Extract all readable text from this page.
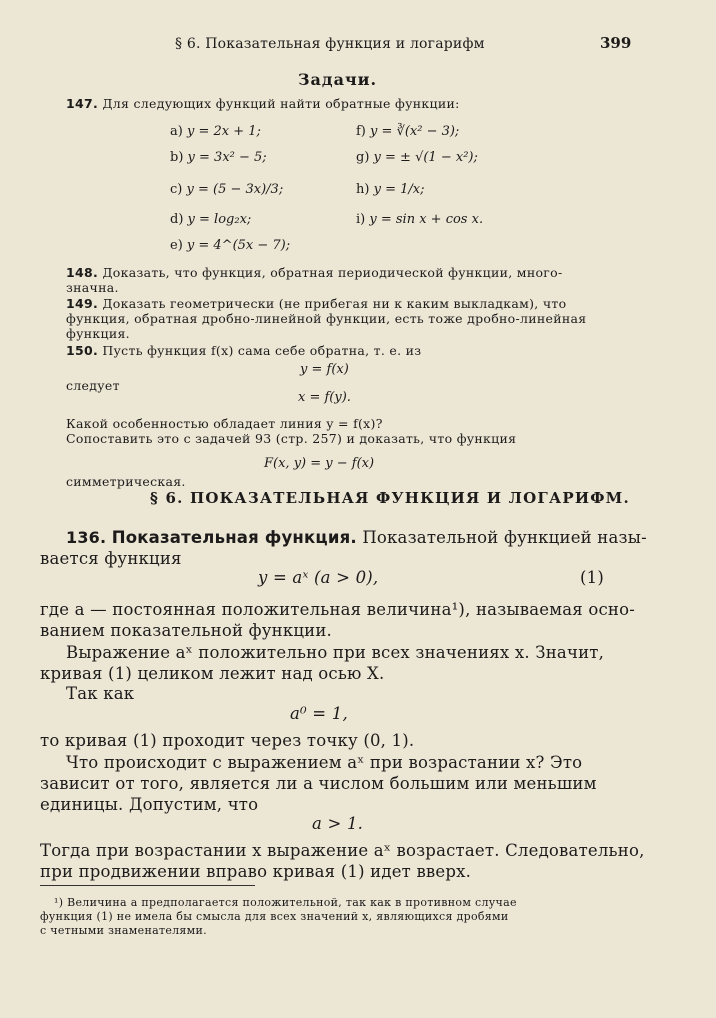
§ 6. Показательная функция и логарифм	399
Задачи.
147. Для следующих функций найти обратные функции:
a) y = 2x + 1;
b) y = 3x² − 5;
c) y = (5 − 3x)/3;
d) y = log₂x;
e) y = 4^(5x − 7);
f) y = ∛(x² − 3);
g) y = ± √(1 − x²);
h) y = 1/x;
i) y = sin x + cos x.
148. Доказать, что функция, обратная периодической функции, много-
значна.
149. Доказать геометрически (не прибегая ни к каким выкладкам), что
функция, обратная дробно-линейной функции, есть тоже дробно-линейная
функция.
150. Пусть функция f(x) сама себе обратна, т. е. из
y = f(x)
следует
x = f(y).
Какой особенностью обладает линия y = f(x)?
Сопоставить это с задачей 93 (стр. 257) и доказать, что функция
F(x, y) = y − f(x)
симметрическая.
§ 6. ПОКАЗАТЕЛЬНАЯ ФУНКЦИЯ И ЛОГАРИФМ.
136. Показательная функция. Показательной функцией назы-
вается функция
y = aˣ (a > 0),	(1)
где a — постоянная положительная величина¹), называемая осно-
ванием показательной функции.
Выражение aˣ положительно при всех значениях x. Значит,
кривая (1) целиком лежит над осью X.
Так как
a⁰ = 1,
то кривая (1) проходит через точку (0, 1).
Что происходит с выражением aˣ при возрастании x? Это
зависит от того, является ли a числом большим или меньшим
единицы. Допустим, что
a > 1.
Тогда при возрастании x выражение aˣ возрастает. Следовательно,
при продвижении вправо кривая (1) идет вверх.
¹) Величина a предполагается положительной, так как в противном случае
функция (1) не имела бы смысла для всех значений x, являющихся дробями
с четными знаменателями.
